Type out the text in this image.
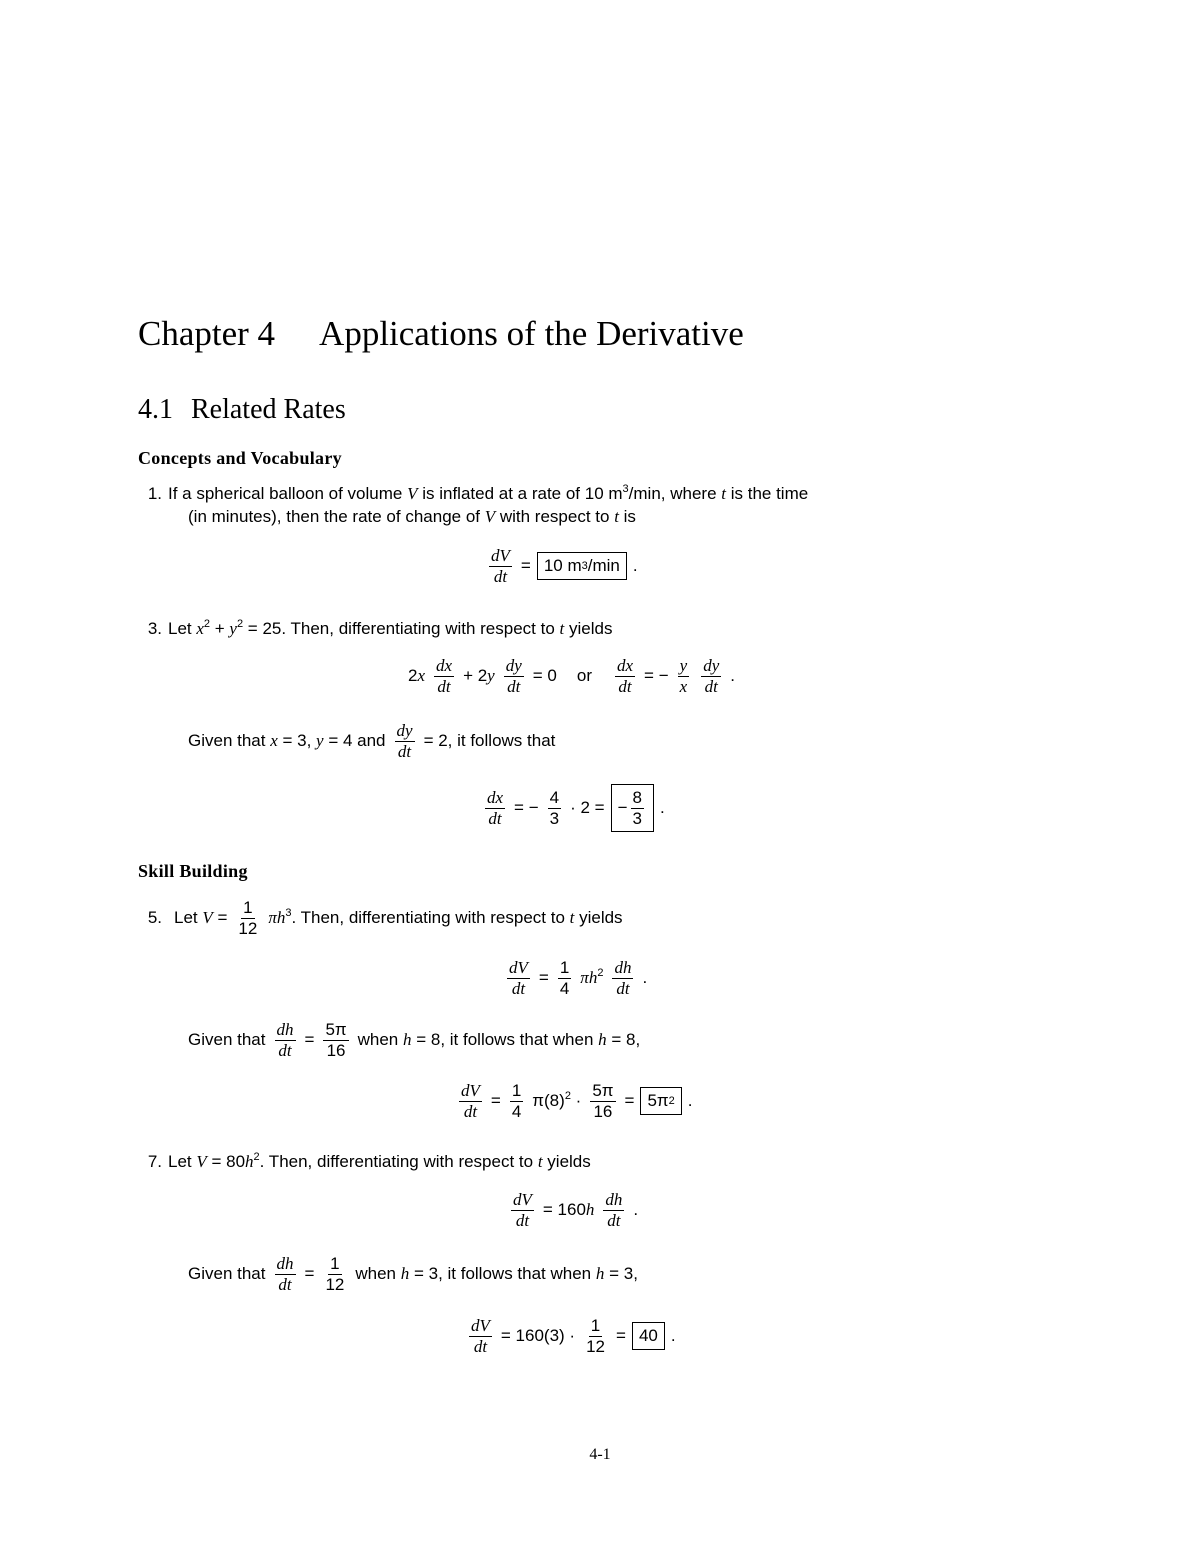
Chapter 4 Applications of the Derivative
4.1 Related Rates
Concepts and Vocabulary
1. If a spherical balloon of volume V is inflated at a rate of 10 $m^3/\min$, where t is the time
(in minutes), then the rate of change of V with respect to t is
$\frac{dV}{dt} = 10$ m 3 /min .
3. Let $x^2 + y^2 = 25$. Then, differentiating with respect to t yields
$2x \frac{dx}{dt} + 2y \frac{dy}{dt} = 0$ or $\frac{dx}{dt}$ = − $\frac{y}{x} \frac{dy}{dt}$ .
Given that x = 3, y = 4 and $\frac{dy}{dt} = 2$, it follows that
$\frac{dx}{dt}$ = − $\frac{4}{3} \cdot 2$ = − $\frac{8}{3}$ .
Skill Building
5. Let $V = \frac{1}{12} \pi h^3$. Then, differentiating with respect to t yields
$\frac{dV}{dt} = \frac{1}{4} \pi h^2 \frac{dh}{dt}$ .
Given that $\frac{dh}{dt} = \frac{5\pi}{16}$ when h = 8, it follows that when h = 8,
$\frac{dV}{dt} = \frac{1}{4} \pi(8)^2 \cdot \frac{5\pi}{16} = 5\pi$ 2 .
7. Let $V = 80h^2$. Then, differentiating with respect to t yields
$\frac{dV}{dt} = 160h \frac{dh}{dt}$ .
Given that $\frac{dh}{dt} = \frac{1}{12}$ when h = 3, it follows that when h = 3,
$\frac{dV}{dt} = 160(3) \cdot \frac{1}{12} = 40$ .
4-1
